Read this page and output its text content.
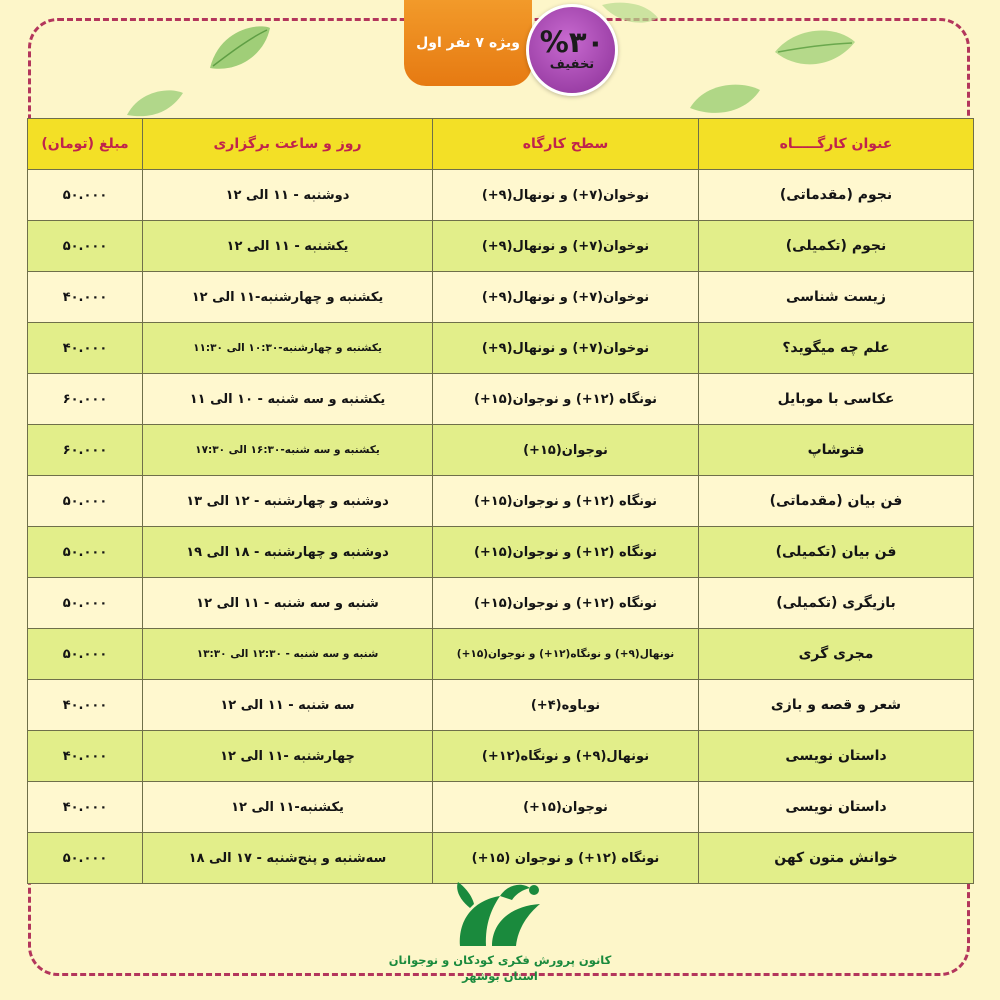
ویژه ۷ نفر اول %۳۰
تخفیف
عنوان کارگـــــاه	سطح کارگاه	روز و ساعت برگزاری	مبلغ (تومان)
نجوم (مقدماتی)	نوخوان(۷+) و نونهال(۹+)	دوشنبه - ۱۱ الی ۱۲	۵۰.۰۰۰
نجوم (تکمیلی)	نوخوان(۷+) و نونهال(۹+)	یکشنبه - ۱۱ الی ۱۲	۵۰.۰۰۰
زیست شناسی	نوخوان(۷+) و نونهال(۹+)	یکشنبه و چهارشنبه-۱۱ الی ۱۲	۴۰.۰۰۰
علم چه میگوید؟	نوخوان(۷+) و نونهال(۹+)	یکشنبه و چهارشنبه-۱۰:۳۰ الی ۱۱:۳۰	۴۰.۰۰۰
عکاسی با موبایل	نونگاه (۱۲+) و نوجوان(۱۵+)	یکشنبه و سه شنبه - ۱۰ الی ۱۱	۶۰.۰۰۰
فتوشاپ	نوجوان(۱۵+)	یکشنبه و سه شنبه-۱۶:۳۰ الی ۱۷:۳۰	۶۰.۰۰۰
فن بیان (مقدماتی)	نونگاه (۱۲+) و نوجوان(۱۵+)	دوشنبه و چهارشنبه - ۱۲ الی ۱۳	۵۰.۰۰۰
فن بیان (تکمیلی)	نونگاه (۱۲+) و نوجوان(۱۵+)	دوشنبه و چهارشنبه - ۱۸ الی ۱۹	۵۰.۰۰۰
بازیگری (تکمیلی)	نونگاه (۱۲+) و نوجوان(۱۵+)	شنبه و سه شنبه - ۱۱ الی ۱۲	۵۰.۰۰۰
مجری گری	نونهال(۹+) و نونگاه(۱۲+) و نوجوان(۱۵+)	شنبه و سه شنبه - ۱۲:۳۰ الی ۱۳:۳۰	۵۰.۰۰۰
شعر و قصه و بازی	نوباوه(۴+)	سه شنبه - ۱۱ الی ۱۲	۴۰.۰۰۰
داستان نویسی	نونهال(۹+) و نونگاه(۱۲+)	چهارشنبه -۱۱ الی ۱۲	۴۰.۰۰۰
داستان نویسی	نوجوان(۱۵+)	یکشنبه-۱۱ الی ۱۲	۴۰.۰۰۰
خوانش متون کهن	نونگاه (۱۲+) و نوجوان (۱۵+)	سه‌شنبه و پنج‌شنبه - ۱۷ الی ۱۸	۵۰.۰۰۰
کانون پرورش فکری کودکان و نوجوانان
استان بوشهر
